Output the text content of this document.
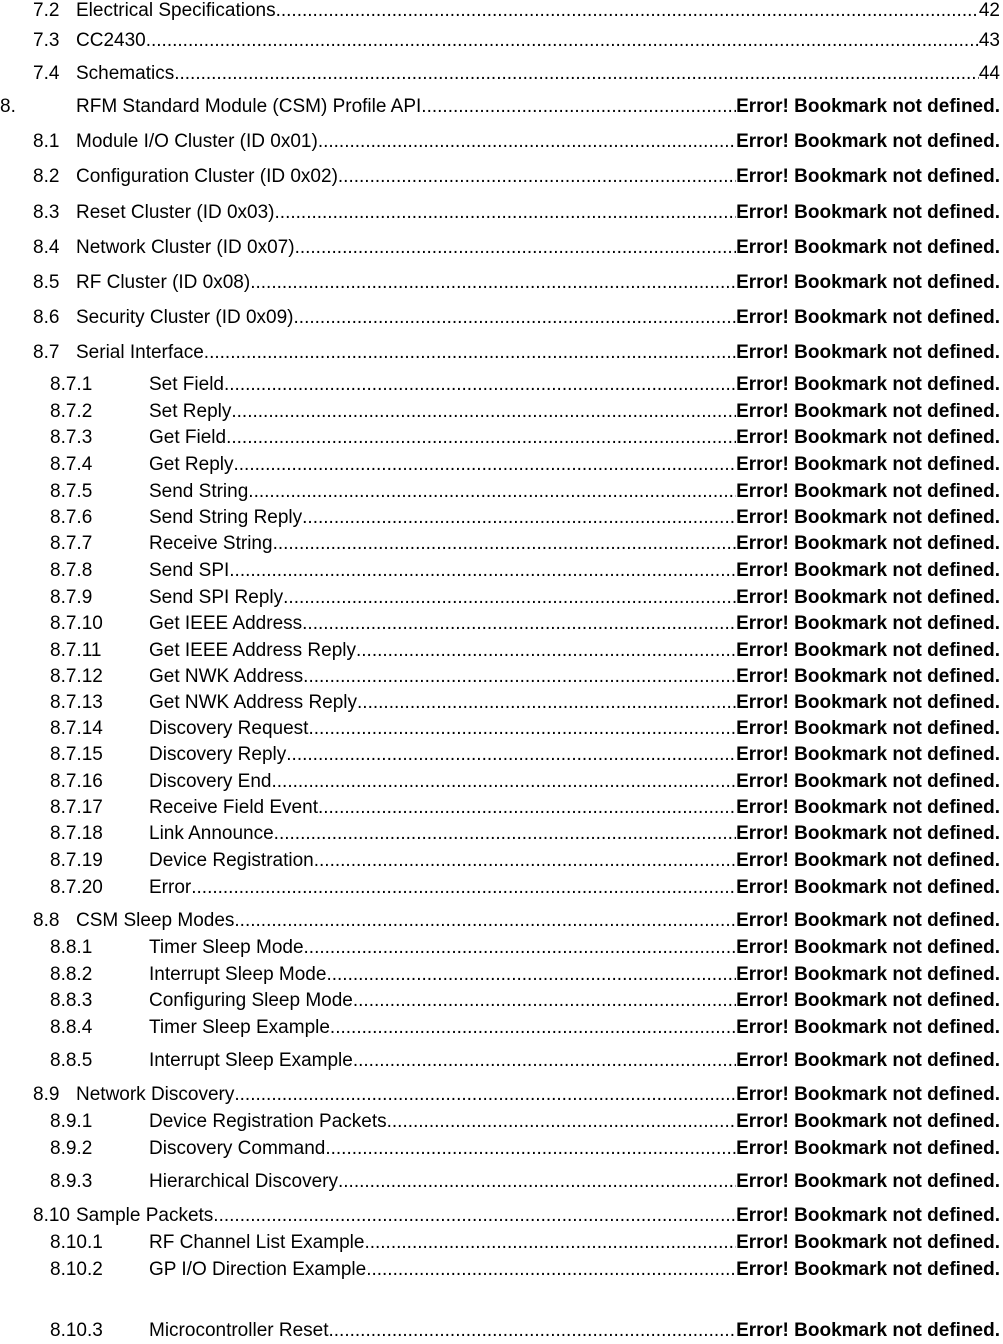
7.2 Electrical Specifications .....	42
7.3 CC2430 .....	43
7.4 Schematics .....	44
8.	RFM Standard Module (CSM) Profile API .....	Error! Bookmark not defined.
8.1 Module I/O Cluster (ID 0x01) .....	Error! Bookmark not defined.
8.2 Configuration Cluster (ID 0x02) .....	Error! Bookmark not defined.
8.3 Reset Cluster (ID 0x03) .....	Error! Bookmark not defined.
8.4 Network Cluster (ID 0x07) .....	Error! Bookmark not defined.
8.5 RF Cluster (ID 0x08) .....	Error! Bookmark not defined.
8.6 Security Cluster (ID 0x09) .....	Error! Bookmark not defined.
8.7 Serial Interface .....	Error! Bookmark not defined.
8.7.1	Set Field .....	Error! Bookmark not defined.
8.7.2	Set Reply .....	Error! Bookmark not defined.
8.7.3	Get Field .....	Error! Bookmark not defined.
8.7.4	Get Reply .....	Error! Bookmark not defined.
8.7.5	Send String .....	Error! Bookmark not defined.
8.7.6	Send String Reply .....	Error! Bookmark not defined.
8.7.7	Receive String .....	Error! Bookmark not defined.
8.7.8	Send SPI .....	Error! Bookmark not defined.
8.7.9	Send SPI Reply .....	Error! Bookmark not defined.
8.7.10 Get IEEE Address .....	Error! Bookmark not defined.
8.7.11	Get IEEE Address Reply .....	Error! Bookmark not defined.
8.7.12 Get NWK Address .....	Error! Bookmark not defined.
8.7.13 Get NWK Address Reply .....	Error! Bookmark not defined.
8.7.14 Discovery Request .....	Error! Bookmark not defined.
8.7.15 Discovery Reply .....	Error! Bookmark not defined.
8.7.16 Discovery End .....	Error! Bookmark not defined.
8.7.17 Receive Field Event .....	Error! Bookmark not defined.
8.7.18 Link Announce .....	Error! Bookmark not defined.
8.7.19 Device Registration .....	Error! Bookmark not defined.
8.7.20 Error .....	Error! Bookmark not defined.
8.8 CSM Sleep Modes .....	Error! Bookmark not defined.
8.8.1	Timer Sleep Mode .....	Error! Bookmark not defined.
8.8.2	Interrupt Sleep Mode .....	Error! Bookmark not defined.
8.8.3	Configuring Sleep Mode .....	Error! Bookmark not defined.
8.8.4	Timer Sleep Example .....	Error! Bookmark not defined.
8.8.5	Interrupt Sleep Example .....	Error! Bookmark not defined.
8.9 Network Discovery .....	Error! Bookmark not defined.
8.9.1	Device Registration Packets .....	Error! Bookmark not defined.
8.9.2	Discovery Command .....	Error! Bookmark not defined.
8.9.3	Hierarchical Discovery .....	Error! Bookmark not defined.
8.10 Sample Packets .....	Error! Bookmark not defined.
8.10.1 RF Channel List Example .....	Error! Bookmark not defined.
8.10.2 GP I/O Direction Example .....	Error! Bookmark not defined.
8.10.3 Microcontroller Reset .....	Error! Bookmark not defined.
